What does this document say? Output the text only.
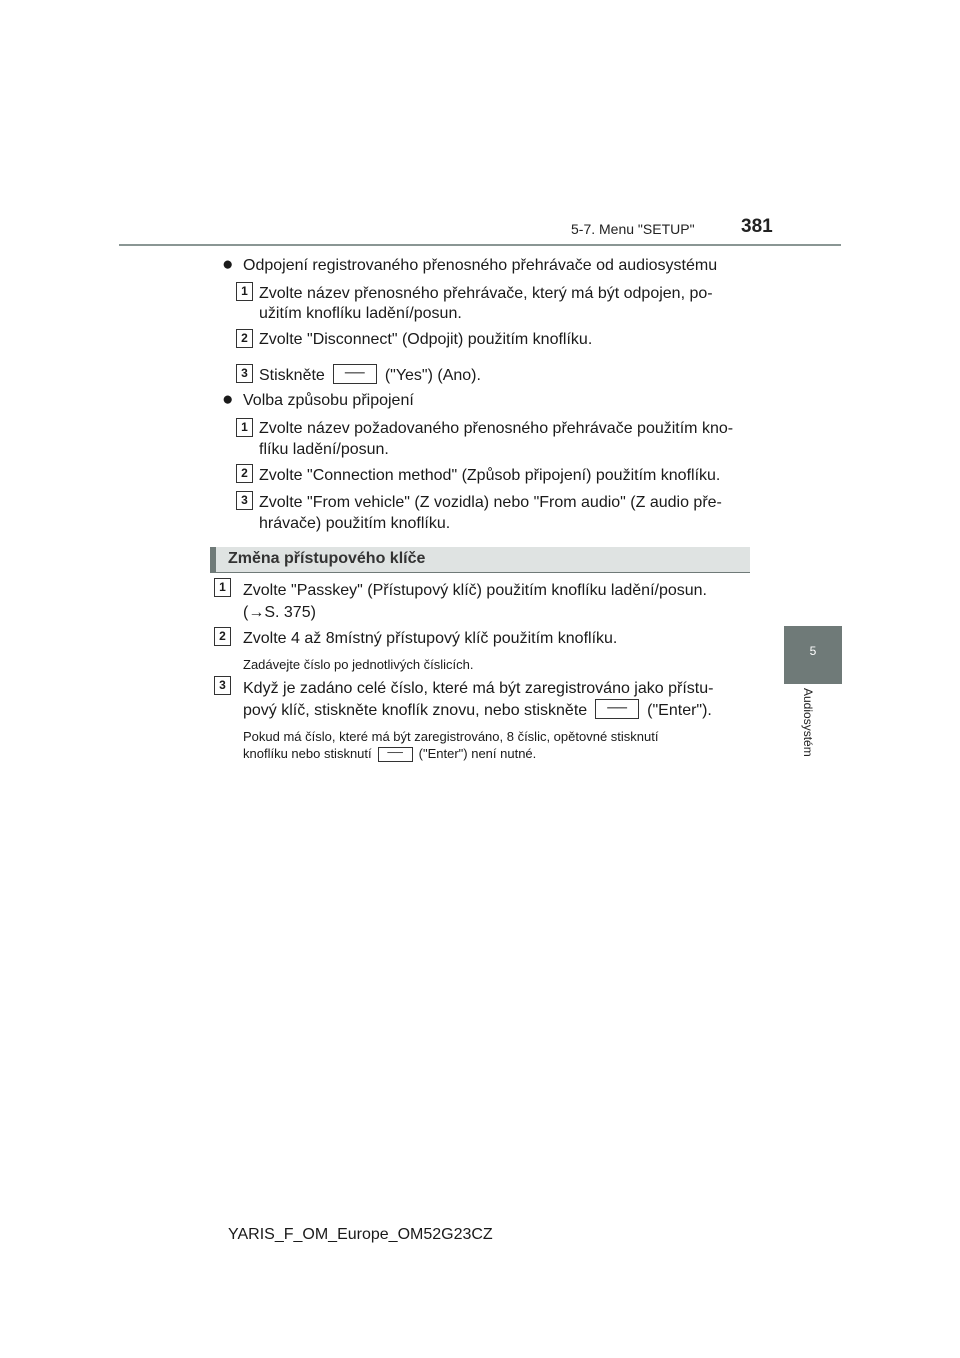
5-7. Menu "SETUP" 381
5
Audiosystém
● Odpojení registrovaného přenosného přehrávače od audiosystému
1 Zvolte název přenosného přehrávače, který má být odpojen, po-
užitím knoflíku ladění/posun.
2 Zvolte "Disconnect" (Odpojit) použitím knoflíku.
3 Stiskněte ── ("Yes") (Ano).
● Volba způsobu připojení
1 Zvolte název požadovaného přenosného přehrávače použitím kno-
flíku ladění/posun.
2 Zvolte "Connection method" (Způsob připojení) použitím knoflíku.
3 Zvolte "From vehicle" (Z vozidla) nebo "From audio" (Z audio pře-
hrávače) použitím knoflíku.
Změna přístupového klíče
1	Zvolte "Passkey" (Přístupový klíč) použitím knoflíku ladění/posun.
(→S. 375)
2	Zvolte 4 až 8místný přístupový klíč použitím knoflíku.
Zadávejte číslo po jednotlivých číslicích.
3	Když je zadáno celé číslo, které má být zaregistrováno jako přístu-
pový klíč, stiskněte knoflík znovu, nebo stiskněte ── ("Enter").
Pokud má číslo, které má být zaregistrováno, 8 číslic, opětovné stisknutí
knoflíku nebo stisknutí ── ("Enter") není nutné.
YARIS_F_OM_Europe_OM52G23CZ
